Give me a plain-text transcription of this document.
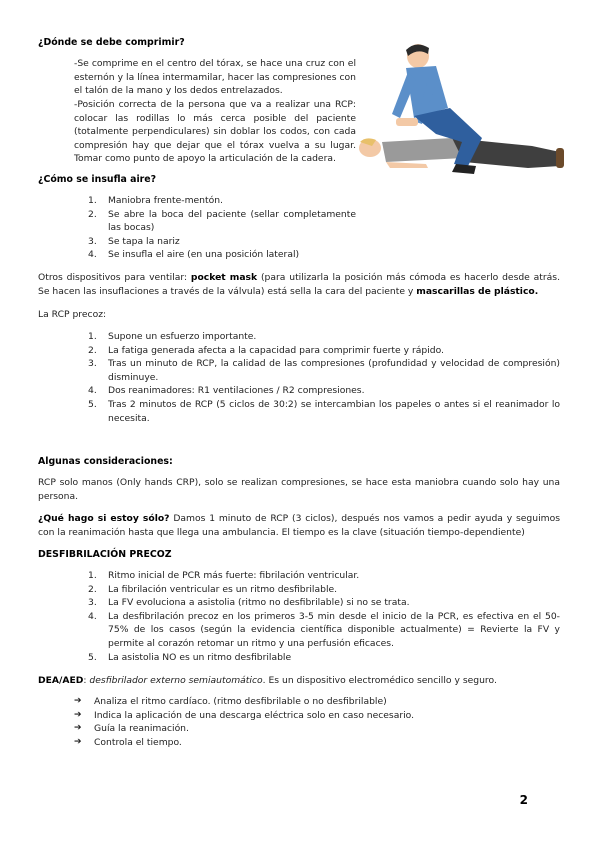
¿Dónde se debe comprimir?

-Se comprime en el centro del tórax, se hace una cruz con el esternón y la línea intermamilar, hacer las compresiones con el talón de la mano y los dedos entrelazados.

-Posición correcta de la persona que va a realizar una RCP: colocar las rodillas lo más cerca posible del paciente (totalmente perpendiculares) sin doblar los codos, con cada compresión hay que dejar que el tórax vuelva a su lugar. Tomar como punto de apoyo la articulación de la cadera.

¿Cómo se insufla aire?

1.	Maniobra frente-mentón.
2.	Se abre la boca del paciente (sellar completamente las bocas)
3.	Se tapa la nariz
4.	Se insufla el aire (en una posición lateral)

Otros dispositivos para ventilar: pocket mask (para utilizarla la posición más cómoda es hacerlo desde atrás. Se hacen las insuflaciones a través de la válvula) está sella la cara del paciente y mascarillas de plástico.

La RCP precoz:

1.	Supone un esfuerzo importante.
2.	La fatiga generada afecta a la capacidad para comprimir fuerte y rápido.
3.	Tras un minuto de RCP, la calidad de las compresiones (profundidad y velocidad de compresión) disminuye.
4.	Dos reanimadores: R1 ventilaciones / R2 compresiones.
5.	Tras 2 minutos de RCP (5 ciclos de 30:2) se intercambian los papeles o antes si el reanimador lo necesita.

Algunas consideraciones:

RCP solo manos (Only hands CRP), solo se realizan compresiones, se hace esta maniobra cuando solo hay una persona.

¿Qué hago si estoy sólo? Damos 1 minuto de RCP (3 ciclos), después nos vamos a pedir ayuda y seguimos con la reanimación hasta que llega una ambulancia. El tiempo es la clave (situación tiempo-dependiente)

DESFIBRILACIÓN PRECOZ

1.	Ritmo inicial de PCR más fuerte: fibrilación ventricular.
2.	La fibrilación ventricular es un ritmo desfibrilable.
3.	La FV evoluciona a asistolia (ritmo no desfibrilable) si no se trata.
4.	La desfibrilación precoz en los primeros 3-5 min desde el inicio de la PCR, es efectiva en el 50-75% de los casos (según la evidencia científica disponible actualmente) = Revierte la FV y permite al corazón retomar un ritmo y una perfusión eficaces.
5.	La asistolia NO es un ritmo desfibrilable

DEA/AED: desfibrilador externo semiautomático. Es un dispositivo electromédico sencillo y seguro.

➔	Analiza el ritmo cardíaco. (ritmo desfibrilable o no desfibrilable)
➔	Indica la aplicación de una descarga eléctrica solo en caso necesario.
➔	Guía la reanimación.
➔	Controla el tiempo.
2
